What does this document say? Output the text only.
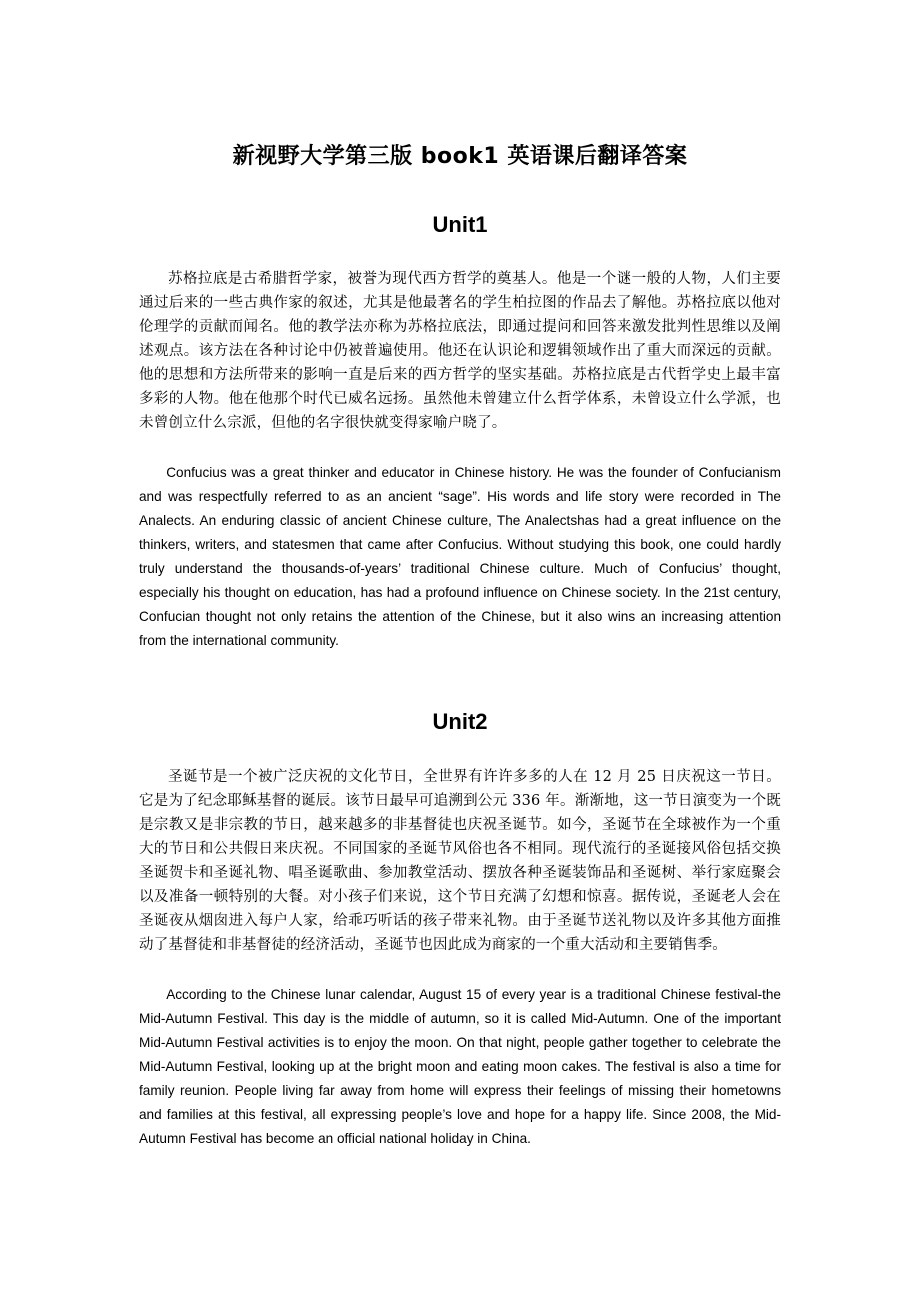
新视野大学第三版 book1 英语课后翻译答案
Unit1

苏格拉底是古希腊哲学家，被誉为现代西方哲学的奠基人。他是一个谜一般的人物，人们主要通过后来的一些古典作家的叙述，尤其是他最著名的学生柏拉图的作品去了解他。苏格拉底以他对伦理学的贡献而闻名。他的教学法亦称为苏格拉底法，即通过提问和回答来激发批判性思维以及阐述观点。该方法在各种讨论中仍被普遍使用。他还在认识论和逻辑领域作出了重大而深远的贡献。他的思想和方法所带来的影响一直是后来的西方哲学的坚实基础。苏格拉底是古代哲学史上最丰富多彩的人物。他在他那个时代已威名远扬。虽然他未曾建立什么哲学体系，未曾设立什么学派，也未曾创立什么宗派，但他的名字很快就变得家喻户晓了。

Confucius was a great thinker and educator in Chinese history. He was the founder of Confucianism and was respectfully referred to as an ancient “sage”. His words and life story were recorded in The Analects. An enduring classic of ancient Chinese culture, The Analectshas had a great influence on the thinkers, writers, and statesmen that came after Confucius. Without studying this book, one could hardly truly understand the thousands-of-years’ traditional Chinese culture. Much of Confucius’ thought, especially his thought on education, has had a profound influence on Chinese society. In the 21st century, Confucian thought not only retains the attention of the Chinese, but it also wins an increasing attention from the international community.

Unit2

圣诞节是一个被广泛庆祝的文化节日，全世界有许许多多的人在 12 月 25 日庆祝这一节日。它是为了纪念耶稣基督的诞辰。该节日最早可追溯到公元 336 年。渐渐地，这一节日演变为一个既是宗教又是非宗教的节日，越来越多的非基督徒也庆祝圣诞节。如今，圣诞节在全球被作为一个重大的节日和公共假日来庆祝。不同国家的圣诞节风俗也各不相同。现代流行的圣诞接风俗包括交换圣诞贺卡和圣诞礼物、唱圣诞歌曲、参加教堂活动、摆放各种圣诞装饰品和圣诞树、举行家庭聚会以及准备一顿特别的大餐。对小孩子们来说，这个节日充满了幻想和惊喜。据传说，圣诞老人会在圣诞夜从烟囱进入每户人家，给乖巧听话的孩子带来礼物。由于圣诞节送礼物以及许多其他方面推动了基督徒和非基督徒的经济活动，圣诞节也因此成为商家的一个重大活动和主要销售季。

According to the Chinese lunar calendar, August 15 of every year is a traditional Chinese festival-the Mid-Autumn Festival. This day is the middle of autumn, so it is called Mid-Autumn. One of the important Mid-Autumn Festival activities is to enjoy the moon. On that night, people gather together to celebrate the Mid-Autumn Festival, looking up at the bright moon and eating moon cakes. The festival is also a time for family reunion. People living far away from home will express their feelings of missing their hometowns and families at this festival, all expressing people’s love and hope for a happy life. Since 2008, the Mid-Autumn Festival has become an official national holiday in China.
